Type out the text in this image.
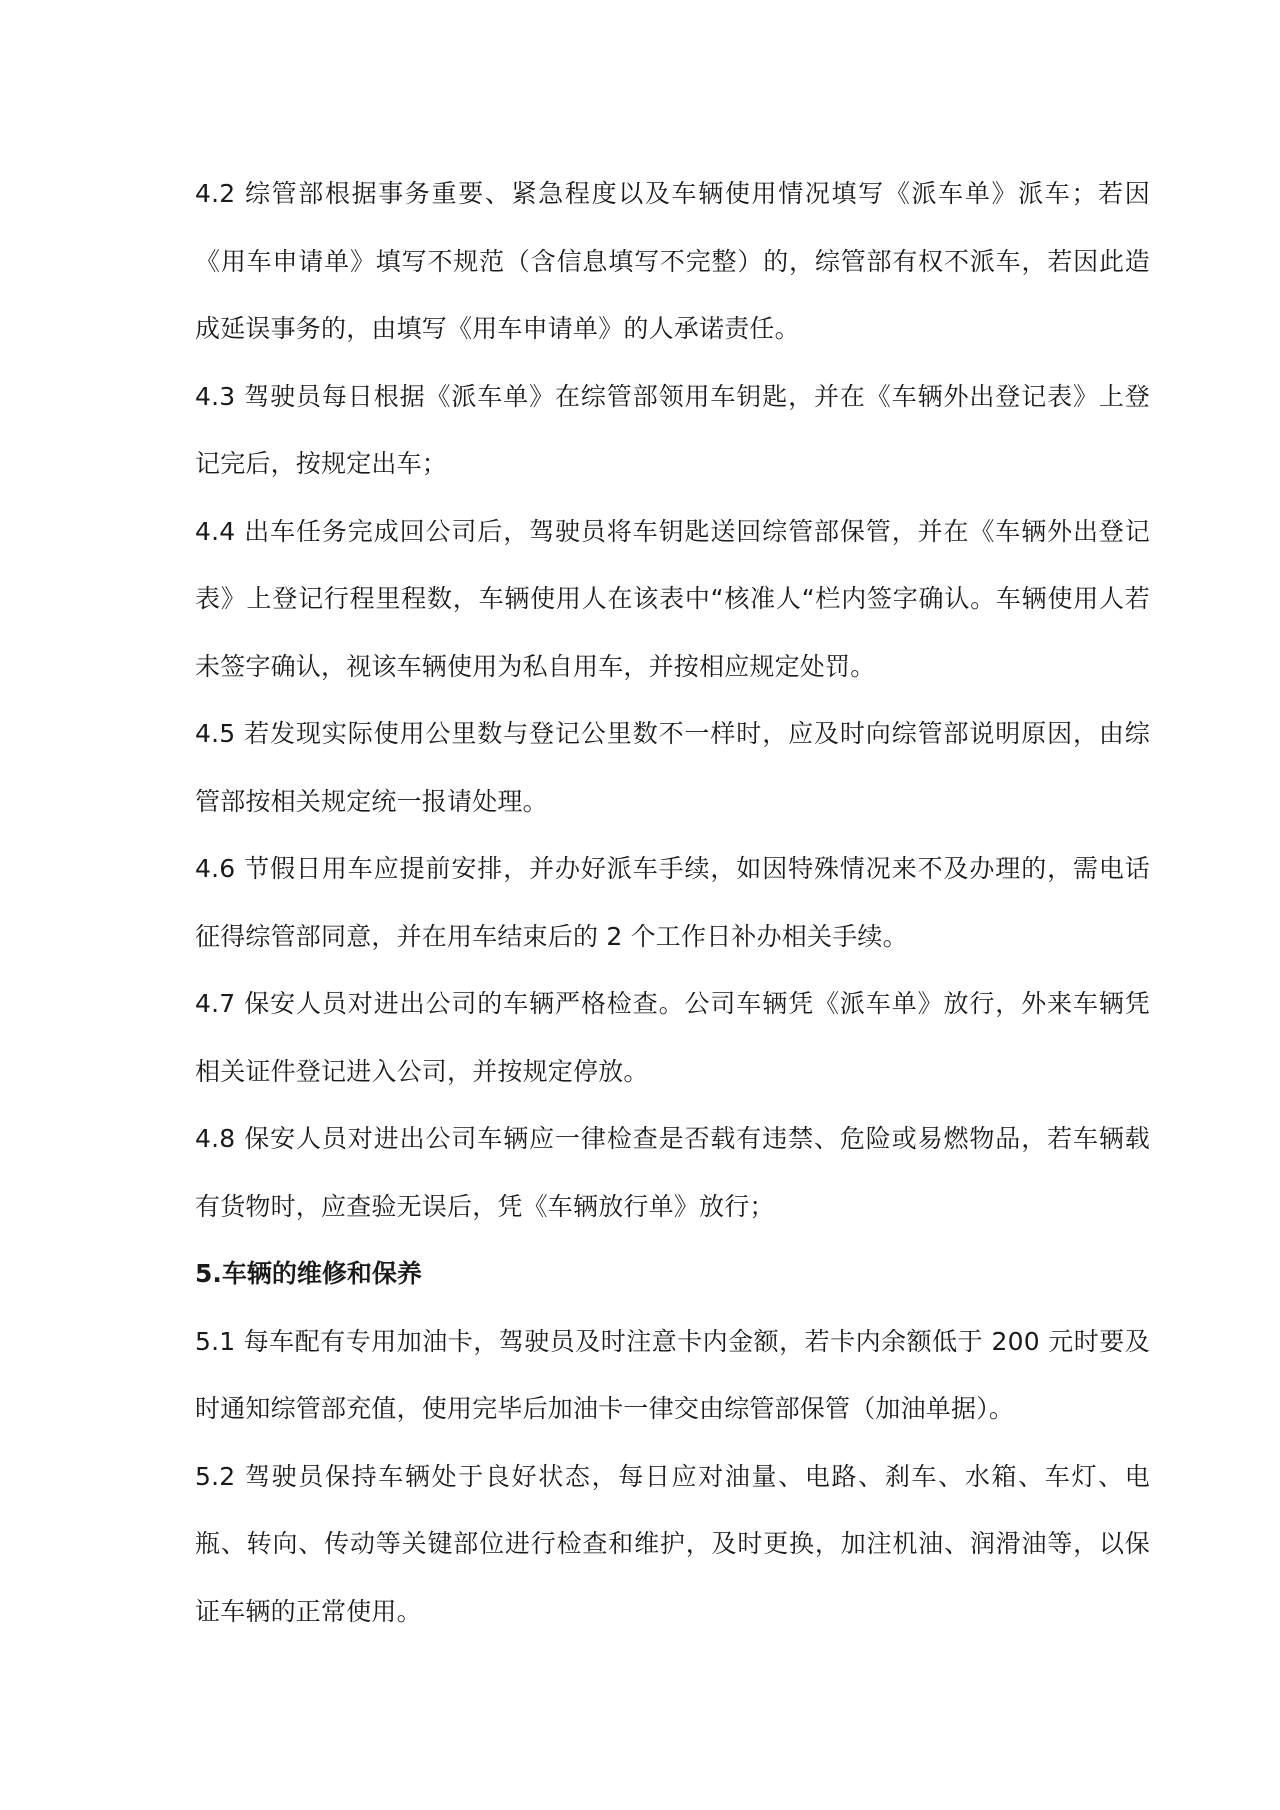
4.2 综管部根据事务重要、紧急程度以及车辆使用情况填写《派车单》派车；若因《用车申请单》填写不规范（含信息填写不完整）的，综管部有权不派车，若因此造成延误事务的，由填写《用车申请单》的人承诺责任。

4.3 驾驶员每日根据《派车单》在综管部领用车钥匙，并在《车辆外出登记表》上登记完后，按规定出车；

4.4 出车任务完成回公司后，驾驶员将车钥匙送回综管部保管，并在《车辆外出登记表》上登记行程里程数，车辆使用人在该表中“核准人“栏内签字确认。车辆使用人若未签字确认，视该车辆使用为私自用车，并按相应规定处罚。

4.5 若发现实际使用公里数与登记公里数不一样时，应及时向综管部说明原因，由综管部按相关规定统一报请处理。

4.6 节假日用车应提前安排，并办好派车手续，如因特殊情况来不及办理的，需电话征得综管部同意，并在用车结束后的 2 个工作日补办相关手续。

4.7 保安人员对进出公司的车辆严格检查。公司车辆凭《派车单》放行，外来车辆凭相关证件登记进入公司，并按规定停放。

4.8 保安人员对进出公司车辆应一律检查是否载有违禁、危险或易燃物品，若车辆载有货物时，应查验无误后，凭《车辆放行单》放行；

5.车辆的维修和保养

5.1 每车配有专用加油卡，驾驶员及时注意卡内金额，若卡内余额低于 200 元时要及时通知综管部充值，使用完毕后加油卡一律交由综管部保管（加油单据）。

5.2 驾驶员保持车辆处于良好状态，每日应对油量、电路、刹车、水箱、车灯、电瓶、转向、传动等关键部位进行检查和维护，及时更换，加注机油、润滑油等，以保证车辆的正常使用。
